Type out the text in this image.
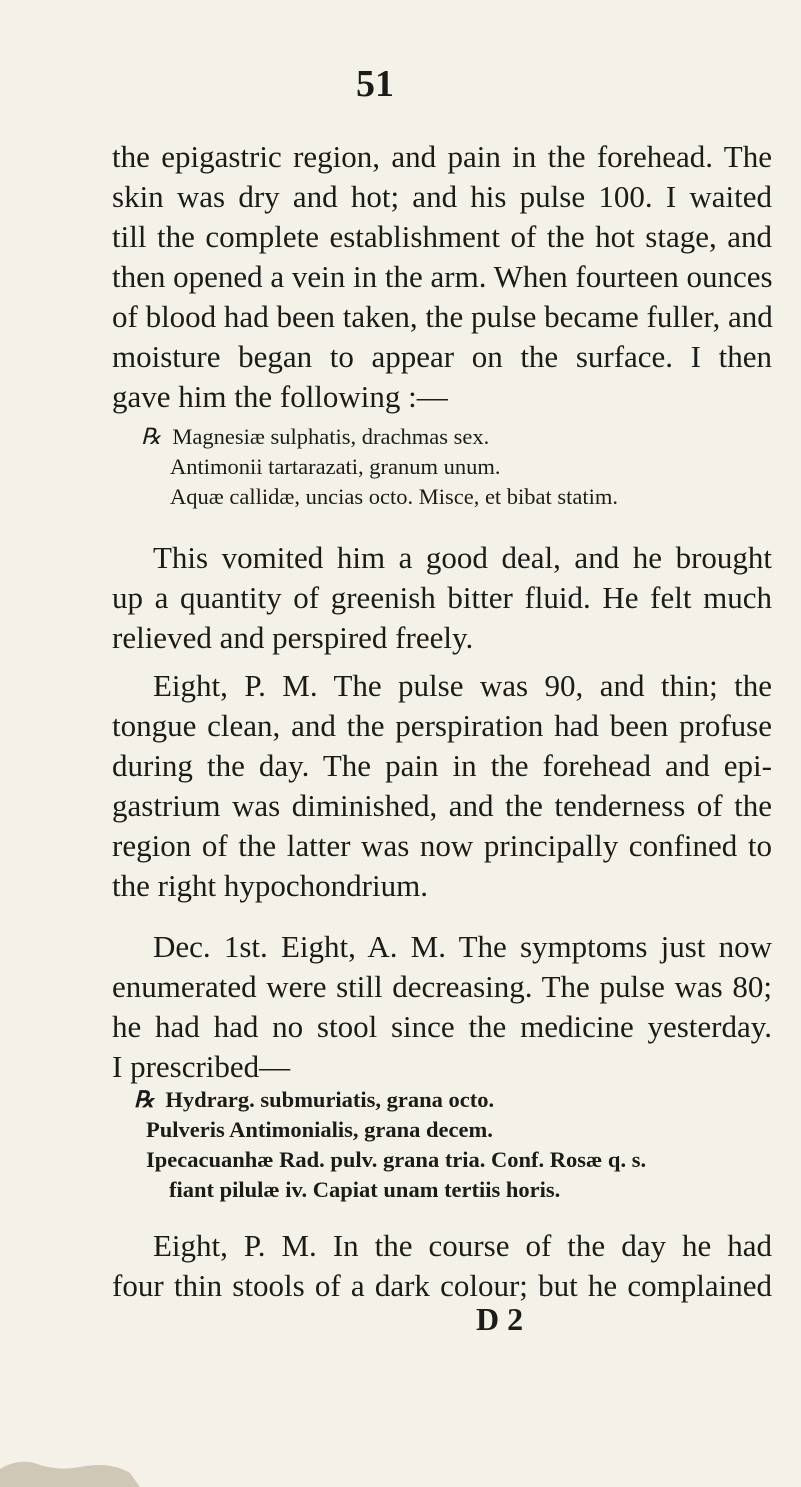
51
the epigastric region, and pain in the forehead. The
skin was dry and hot; and his pulse 100. I waited
till the complete establishment of the hot stage, and
then opened a vein in the arm. When fourteen ounces
of blood had been taken, the pulse became fuller, and
moisture began to appear on the surface. I then
gave him the following :—
℞ Magnesiæ sulphatis, drachmas sex.
Antimonii tartarazati, granum unum.
Aquæ callidæ, uncias octo. Misce, et bibat statim.
This vomited him a good deal, and he brought
up a quantity of greenish bitter fluid. He felt much
relieved and perspired freely.
Eight, P. M. The pulse was 90, and thin; the
tongue clean, and the perspiration had been profuse
during the day. The pain in the forehead and epi-
gastrium was diminished, and the tenderness of the
region of the latter was now principally confined to
the right hypochondrium.
Dec. 1st. Eight, A. M. The symptoms just now
enumerated were still decreasing. The pulse was 80;
he had had no stool since the medicine yesterday.
I prescribed—
℞ Hydrarg. submuriatis, grana octo.
Pulveris Antimonialis, grana decem.
Ipecacuanhæ Rad. pulv. grana tria. Conf. Rosæ q. s.
fiant pilulæ iv. Capiat unam tertiis horis.
Eight, P. M. In the course of the day he had
four thin stools of a dark colour; but he complained
D 2
